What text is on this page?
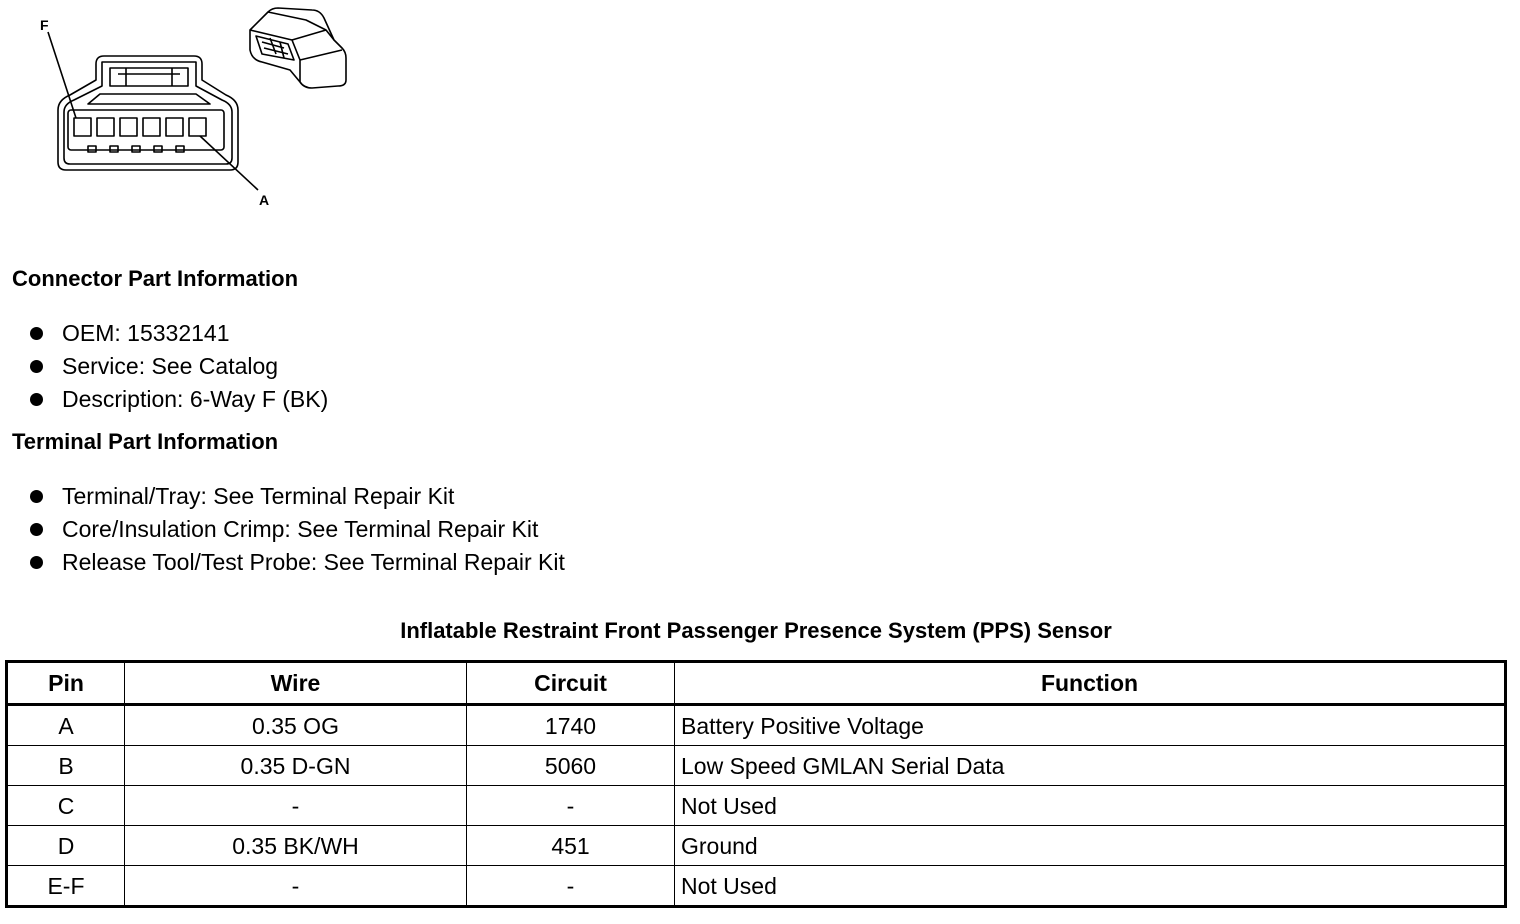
F
A
Connector Part Information
OEM: 15332141
Service: See Catalog
Description: 6-Way F (BK)
Terminal Part Information
Terminal/Tray: See Terminal Repair Kit
Core/Insulation Crimp: See Terminal Repair Kit
Release Tool/Test Probe: See Terminal Repair Kit
Inflatable Restraint Front Passenger Presence System (PPS) Sensor
Pin	Wire	Circuit	Function
A	0.35 OG	1740	Battery Positive Voltage
B	0.35 D-GN	5060	Low Speed GMLAN Serial Data
C	-	-	Not Used
D	0.35 BK/WH	451	Ground
E-F	-	-	Not Used
